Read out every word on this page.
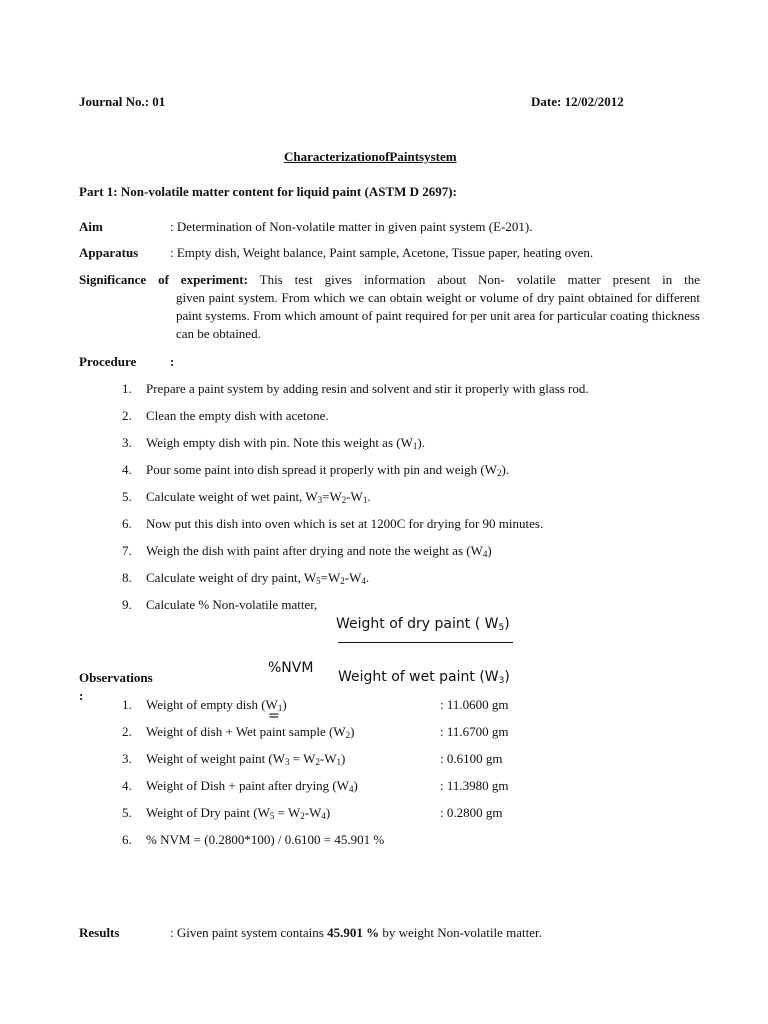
Journal No.: 01	Date: 12/02/2012
CharacterizationofPaintsystem
Part 1: Non-volatile matter content for liquid paint (ASTM D 2697):
Aim	: Determination of Non-volatile matter in given paint system (E-201).
Apparatus : Empty dish, Weight balance, Paint sample, Acetone, Tissue paper, heating oven.
Significance of experiment: This test gives information about Non- volatile matter present in the
given paint system. From which we can obtain weight or volume of dry paint obtained for different paint systems. From which amount of paint required for per unit area for particular coating thickness can be obtained.
Procedure	:
1. Prepare a paint system by adding resin and solvent and stir it properly with glass rod.
2. Clean the empty dish with acetone.
3. Weigh empty dish with pin. Note this weight as $(W_1)$.
4. Pour some paint into dish spread it properly with pin and weigh $(W_2)$.
5. Calculate weight of wet paint, $W_3=W_2-W_1$.
6. Now put this dish into oven which is set at 1200C for drying for 90 minutes.
7. Weigh the dish with paint after drying and note the weight as $(W_4)$
8. Calculate weight of dry paint, $W_5=W_2-W_4$.
9. Calculate % Non-volatile matter,
Weight of dry paint ( $W_5$)
%NVM
Weight of wet paint $(W_3)$
=
Observations
:
1. Weight of empty dish $(W_1)$	: 11.0600 gm
2. Weight of dish + Wet paint sample $(W_2)$	: 11.6700 gm
3. Weight of weight paint $(W_3 = W_2-W_1)$	: 0.6100 gm
4. Weight of Dish + paint after drying $(W_4)$	: 11.3980 gm
5. Weight of Dry paint $(W_5 = W_2-W_4)$	: 0.2800 gm
6. % NVM = (0.2800*100) / 0.6100 = 45.901 %
Results	: Given paint system contains 45.901 % by weight Non-volatile matter.
